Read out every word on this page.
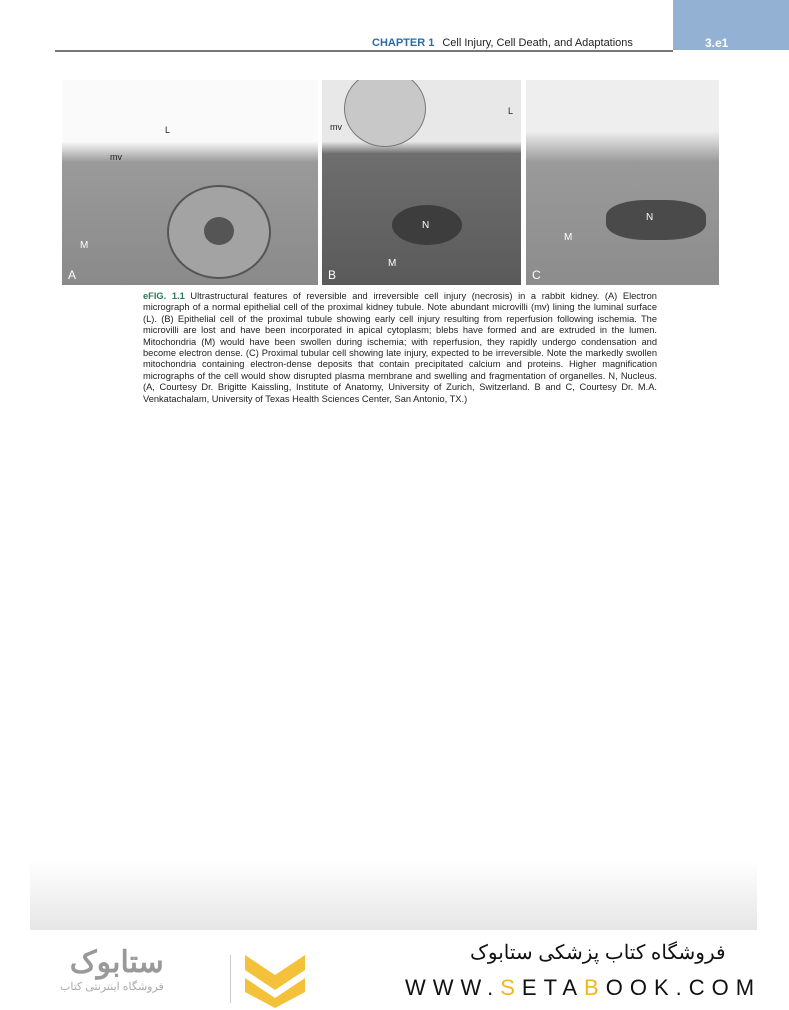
3.e1
CHAPTER 1 Cell Injury, Cell Death, and Adaptations
L
mv
M
A
mv
L
N
M
B
M
N
C
eFIG. 1.1 Ultrastructural features of reversible and irreversible cell injury (necrosis) in a rabbit kidney. (A) Electron micrograph of a normal epithelial cell of the proximal kidney tubule. Note abundant microvilli (mv) lining the luminal surface (L). (B) Epithelial cell of the proximal tubule showing early cell injury resulting from reperfusion following ischemia. The microvilli are lost and have been incorporated in apical cytoplasm; blebs have formed and are extruded in the lumen. Mitochondria (M) would have been swollen during ischemia; with reperfusion, they rapidly undergo condensation and become electron dense. (C) Proximal tubular cell showing late injury, expected to be irreversible. Note the markedly swollen mitochondria containing electron-dense deposits that contain precipitated calcium and proteins. Higher magnification micrographs of the cell would show disrupted plasma membrane and swelling and fragmentation of organelles. N, Nucleus. (A, Courtesy Dr. Brigitte Kaissling, Institute of Anatomy, University of Zurich, Switzerland. B and C, Courtesy Dr. M.A. Venkatachalam, University of Texas Health Sciences Center, San Antonio, TX.)
ستابوک
فروشگاه اینترنتی کتاب
فروشگاه کتاب پزشکی ستابوک
WWW.SETABOOK.COM
